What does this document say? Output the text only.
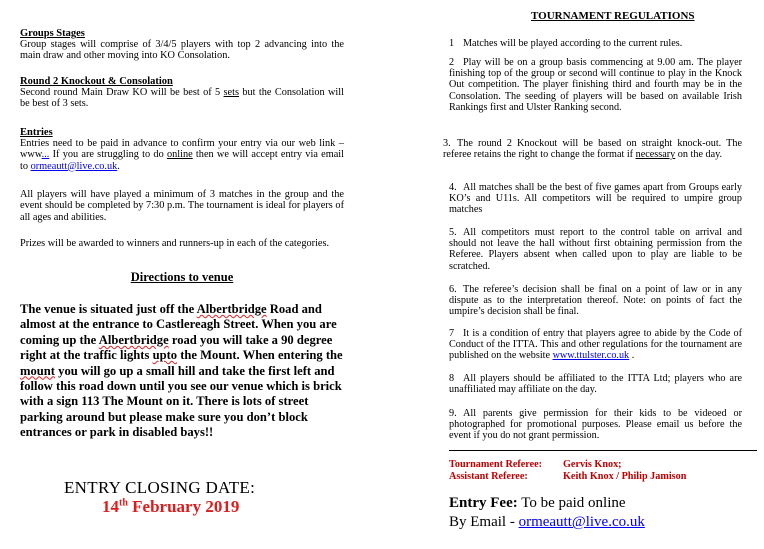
Groups Stages
Group stages will comprise of 3/4/5 players with top 2 advancing into the main draw and other moving into KO Consolation.
Round 2 Knockout & Consolation
Second round Main Draw KO will be best of 5 sets but the Consolation will be best of 3 sets.
Entries
Entries need to be paid in advance to confirm your entry via our web link – www... If you are struggling to do online then we will accept entry via email to ormeautt@live.co.uk.
All players will have played a minimum of 3 matches in the group and the event should be completed by 7:30 p.m. The tournament is ideal for players of all ages and abilities.
Prizes will be awarded to winners and runners-up in each of the categories.
Directions to venue
The venue is situated just off the Albertbridge Road and almost at the entrance to Castlereagh Street. When you are coming up the Albertbridge road you will take a 90 degree right at the traffic lights upto the Mount. When entering the mount you will go up a small hill and take the first left and follow this road down until you see our venue which is brick with a sign 113 The Mount on it. There is lots of street parking around but please make sure you don’t block entrances or park in disabled bays!!
ENTRY CLOSING DATE:
14th February 2019
TOURNAMENT REGULATIONS
1 Matches will be played according to the current rules.
2 Play will be on a group basis commencing at 9.00 am. The player finishing top of the group or second will continue to play in the Knock Out competition. The player finishing third and fourth may be in the Consolation. The seeding of players will be based on available Irish Rankings first and Ulster Ranking second.
3. The round 2 Knockout will be based on straight knock-out. The referee retains the right to change the format if necessary on the day.
4. All matches shall be the best of five games apart from Groups early KO’s and U11s. All competitors will be required to umpire group matches
5. All competitors must report to the control table on arrival and should not leave the hall without first obtaining permission from the Referee. Players absent when called upon to play are liable to be scratched.
6. The referee’s decision shall be final on a point of law or in any dispute as to the interpretation thereof. Note: on points of fact the umpire’s decision shall be final.
7 It is a condition of entry that players agree to abide by the Code of Conduct of the ITTA. This and other regulations for the tournament are published on the website www.ttulster.co.uk .
8 All players should be affiliated to the ITTA Ltd; players who are unaffiliated may affiliate on the day.
9. All parents give permission for their kids to be videoed or photographed for promotional purposes. Please email us before the event if you do not grant permission.
Tournament Referee: Gervis Knox;
Assistant Referee:	Keith Knox / Philip Jamison
Entry Fee: To be paid online
By Email - ormeautt@live.co.uk
